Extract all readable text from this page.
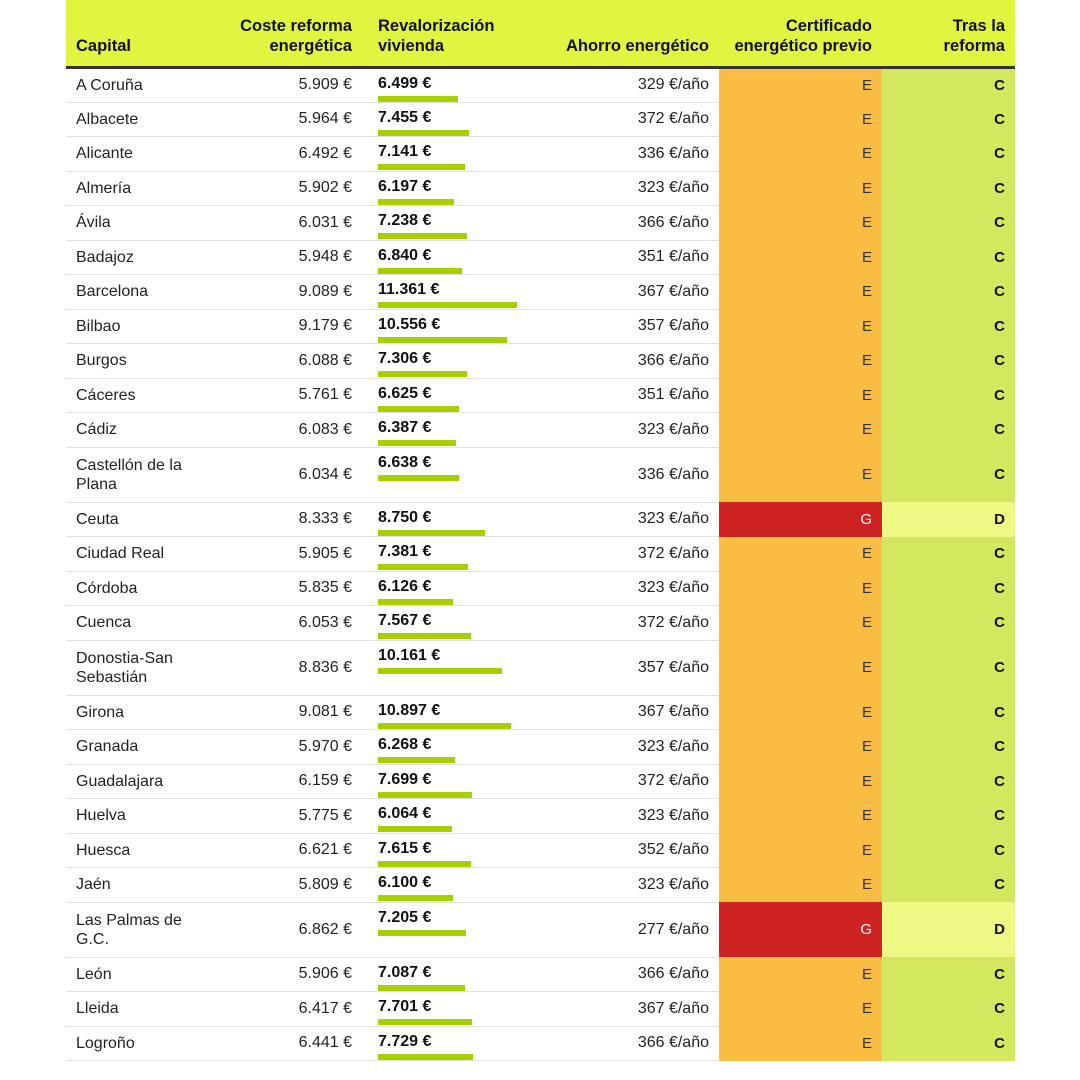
Capital	Coste reforma energética	Revalorización vivienda	Ahorro energético	Certificado energético previo	Tras la reforma
A Coruña	5.909 €	6.499 €	329 €/año	E	C
Albacete	5.964 €	7.455 €	372 €/año	E	C
Alicante	6.492 €	7.141 €	336 €/año	E	C
Almería	5.902 €	6.197 €	323 €/año	E	C
Ávila	6.031 €	7.238 €	366 €/año	E	C
Badajoz	5.948 €	6.840 €	351 €/año	E	C
Barcelona	9.089 €	11.361 €	367 €/año	E	C
Bilbao	9.179 €	10.556 €	357 €/año	E	C
Burgos	6.088 €	7.306 €	366 €/año	E	C
Cáceres	5.761 €	6.625 €	351 €/año	E	C
Cádiz	6.083 €	6.387 €	323 €/año	E	C
Castellón de la Plana	6.034 €	6.638 €	336 €/año	E	C
Ceuta	8.333 €	8.750 €	323 €/año	G	D
Ciudad Real	5.905 €	7.381 €	372 €/año	E	C
Córdoba	5.835 €	6.126 €	323 €/año	E	C
Cuenca	6.053 €	7.567 €	372 €/año	E	C
Donostia-San Sebastián	8.836 €	10.161 €	357 €/año	E	C
Girona	9.081 €	10.897 €	367 €/año	E	C
Granada	5.970 €	6.268 €	323 €/año	E	C
Guadalajara	6.159 €	7.699 €	372 €/año	E	C
Huelva	5.775 €	6.064 €	323 €/año	E	C
Huesca	6.621 €	7.615 €	352 €/año	E	C
Jaén	5.809 €	6.100 €	323 €/año	E	C
Las Palmas de G.C.	6.862 €	7.205 €	277 €/año	G	D
León	5.906 €	7.087 €	366 €/año	E	C
Lleida	6.417 €	7.701 €	367 €/año	E	C
Logroño	6.441 €	7.729 €	366 €/año	E	C
